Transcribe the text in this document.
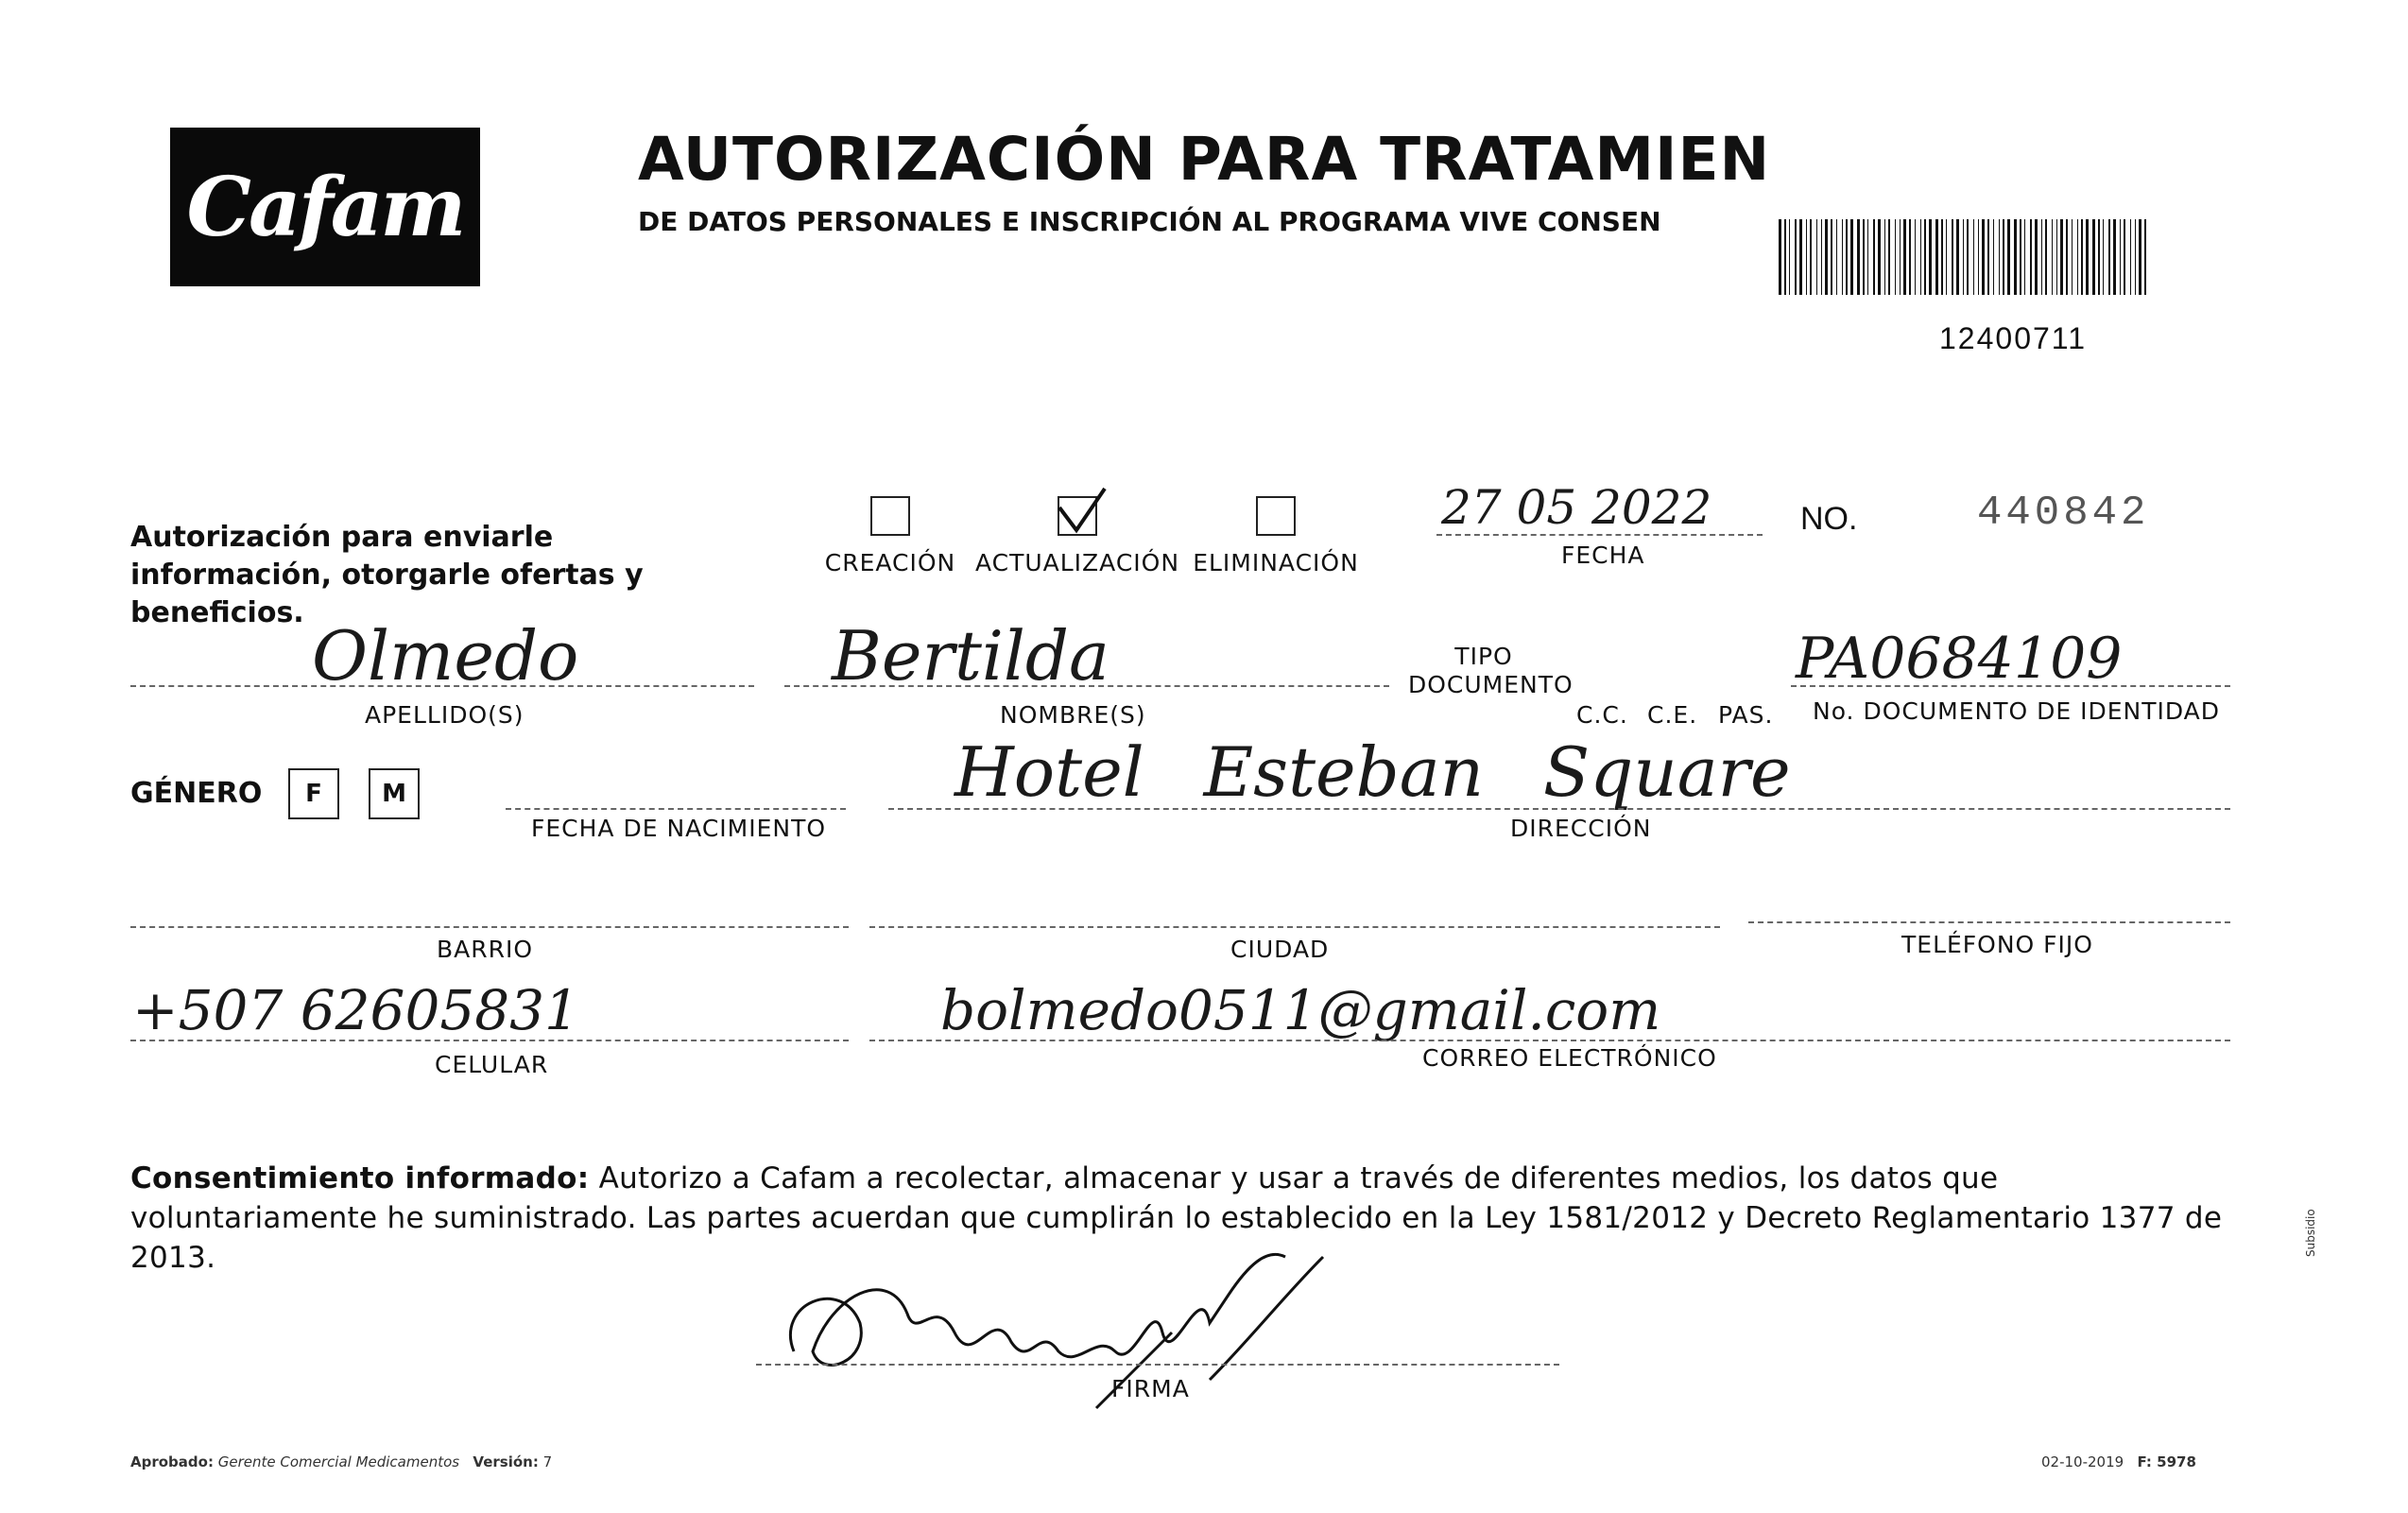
Cafam	AUTORIZACIÓN PARA TRATAMIEN
DE DATOS PERSONALES E INSCRIPCIÓN AL PROGRAMA VIVE CONSEN
12400711
Autorización para enviarle información, otorgarle ofertas y beneficios.
CREACIÓN ACTUALIZACIÓN ELIMINACIÓN
27 05 2022
FECHA
NO.	440842
Olmedo
APELLIDO(S)
Bertilda
NOMBRE(S)
TIPO DOCUMENTO
C.C. C.E. PAS.
PA0684109
No. DOCUMENTO DE IDENTIDAD
GÉNERO F M
FECHA DE NACIMIENTO
Hotel Esteban Square
DIRECCIÓN
BARRIO	CIUDAD	TELÉFONO FIJO
+507 62605831
CELULAR
bolmedo0511@gmail.com
CORREO ELECTRÓNICO
Consentimiento informado: Autorizo a Cafam a recolectar, almacenar y usar a través de diferentes medios, los datos que voluntariamente he suministrado. Las partes acuerdan que cumplirán lo establecido en la Ley 1581/2012 y Decreto Reglamentario 1377 de 2013.
FIRMA
Aprobado: Gerente Comercial Medicamentos Versión: 7	02-10-2019 F: 5978
Subsidio
